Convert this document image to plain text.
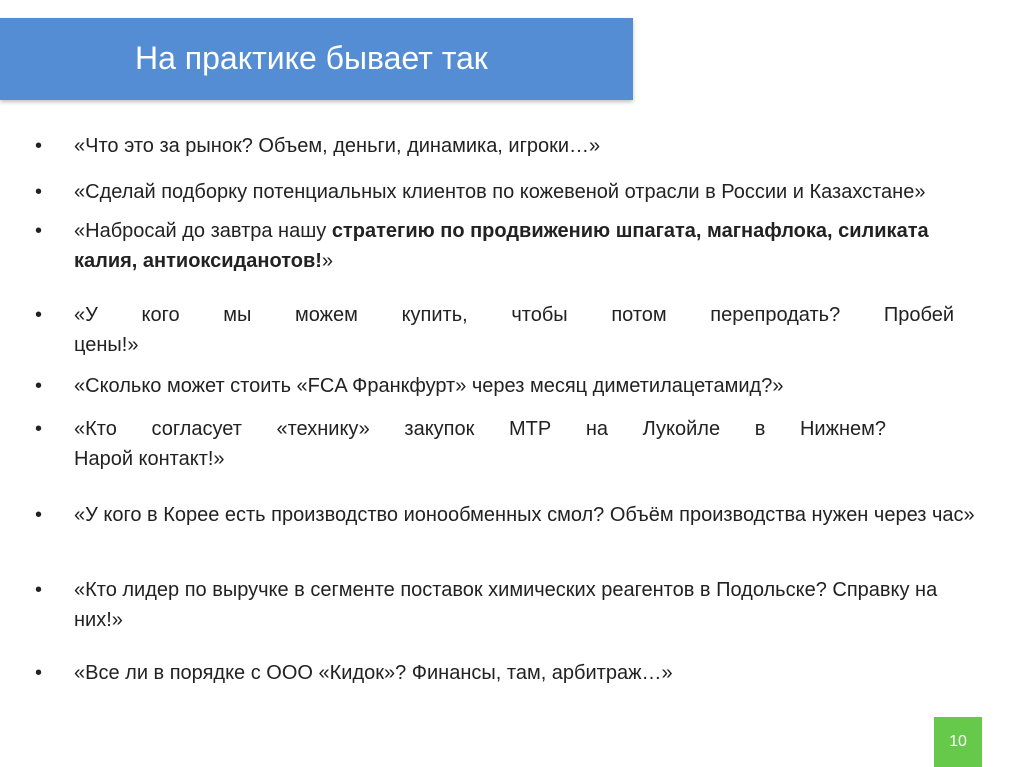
На практике бывает так
• «Что это за рынок? Объем, деньги, динамика, игроки…»
• «Сделай подборку потенциальных клиентов по кожевеной отрасли в России и Казахстане»
• «Набросай до завтра нашу стратегию по продвижению шпагата, магнафлока, силиката калия, антиоксиданотов!»
• «У кого мы можем купить, чтобы потом перепродать? Пробей
цены!»
• «Сколько может стоить «FCA Франкфурт» через месяц диметилацетамид?»
• «Кто согласует «технику» закупок МТР на Лукойле в Нижнем?
Нарой контакт!»
• «У кого в Корее есть производство ионообменных смол? Объём производства нужен через час»
• «Кто лидер по выручке в сегменте поставок химических реагентов в Подольске? Справку на них!»
• «Все ли в порядке с ООО «Кидок»? Финансы, там, арбитраж…»
10
